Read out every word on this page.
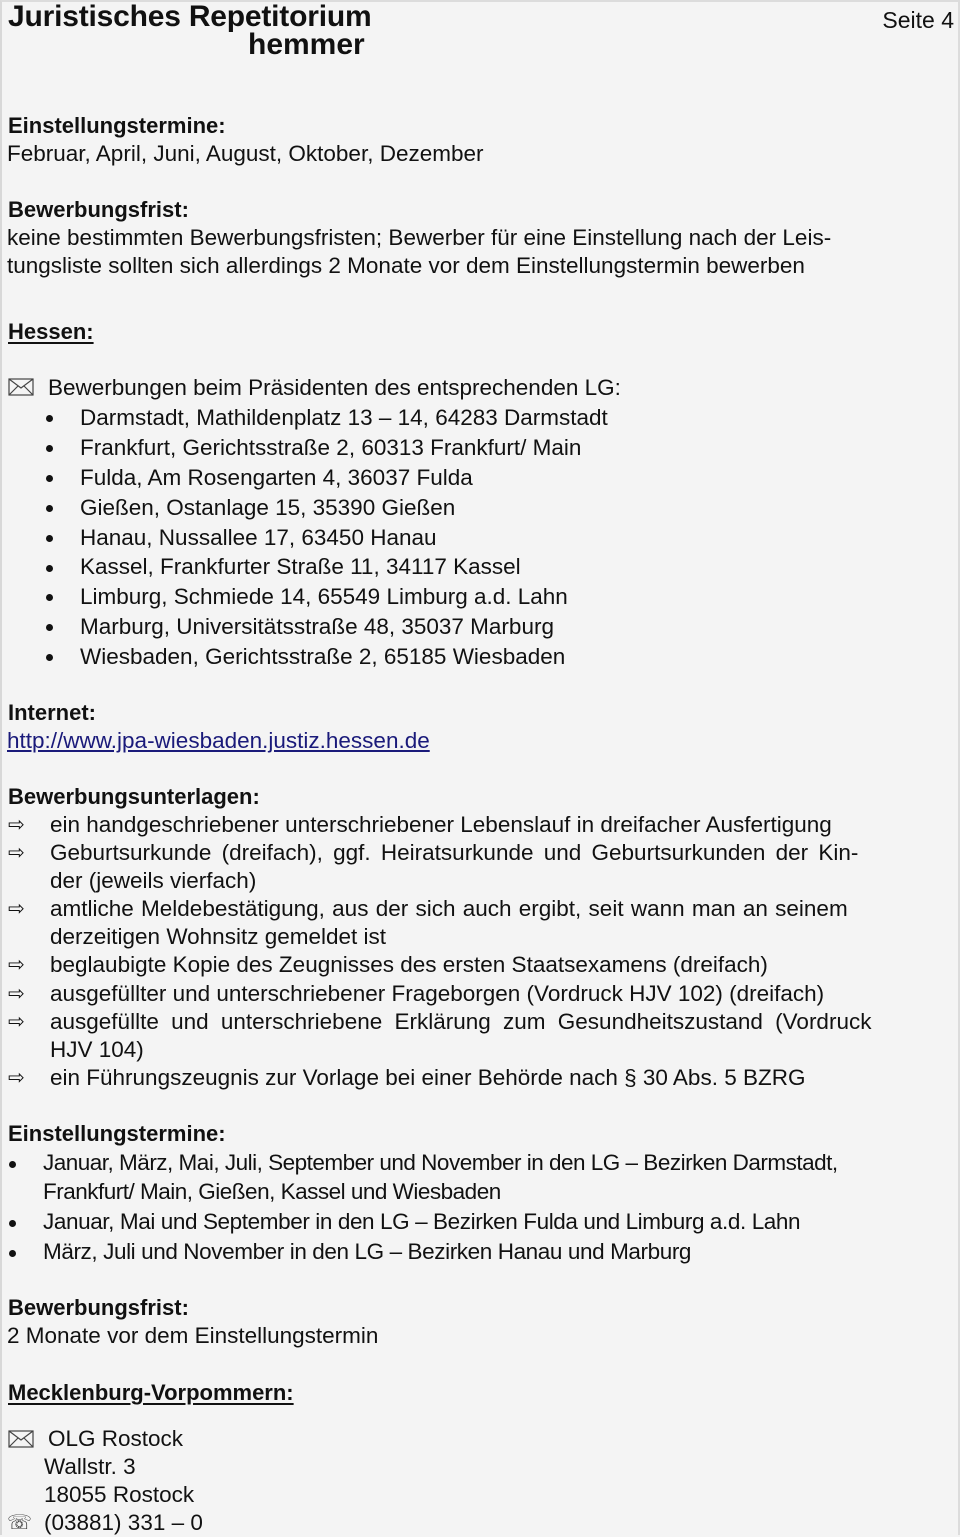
Juristisches Repetitorium
hemmer
Seite 4
Einstellungstermine:
Februar, April, Juni, August, Oktober, Dezember
Bewerbungsfrist:
keine bestimmten Bewerbungsfristen; Bewerber für eine Einstellung nach der Leis-
tungsliste sollten sich allerdings 2 Monate vor dem Einstellungstermin bewerben
Hessen:
Bewerbungen beim Präsidenten des entsprechenden LG:
Darmstadt, Mathildenplatz 13 – 14, 64283 Darmstadt
Frankfurt, Gerichtsstraße 2, 60313 Frankfurt/ Main
Fulda, Am Rosengarten 4, 36037 Fulda
Gießen, Ostanlage 15, 35390 Gießen
Hanau, Nussallee 17, 63450 Hanau
Kassel, Frankfurter Straße 11, 34117 Kassel
Limburg, Schmiede 14, 65549 Limburg a.d. Lahn
Marburg, Universitätsstraße 48, 35037 Marburg
Wiesbaden, Gerichtsstraße 2, 65185 Wiesbaden
Internet:
http://www.jpa-wiesbaden.justiz.hessen.de
Bewerbungsunterlagen:
⇨ ein handgeschriebener unterschriebener Lebenslauf in dreifacher Ausfertigung
⇨ Geburtsurkunde (dreifach), ggf. Heiratsurkunde und Geburtsurkunden der Kin-
der (jeweils vierfach)
⇨ amtliche Meldebestätigung, aus der sich auch ergibt, seit wann man an seinem
derzeitigen Wohnsitz gemeldet ist
⇨ beglaubigte Kopie des Zeugnisses des ersten Staatsexamens (dreifach)
⇨ ausgefüllter und unterschriebener Frageborgen (Vordruck HJV 102) (dreifach)
⇨ ausgefüllte und unterschriebene Erklärung zum Gesundheitszustand (Vordruck
HJV 104)
⇨ ein Führungszeugnis zur Vorlage bei einer Behörde nach § 30 Abs. 5 BZRG
Einstellungstermine:
Januar, März, Mai, Juli, September und November in den LG – Bezirken Darmstadt,
Frankfurt/ Main, Gießen, Kassel und Wiesbaden
Januar, Mai und September in den LG – Bezirken Fulda und Limburg a.d. Lahn
März, Juli und November in den LG – Bezirken Hanau und Marburg
Bewerbungsfrist:
2 Monate vor dem Einstellungstermin
Mecklenburg-Vorpommern:
OLG Rostock
Wallstr. 3
18055 Rostock
☏ (03881) 331 – 0
